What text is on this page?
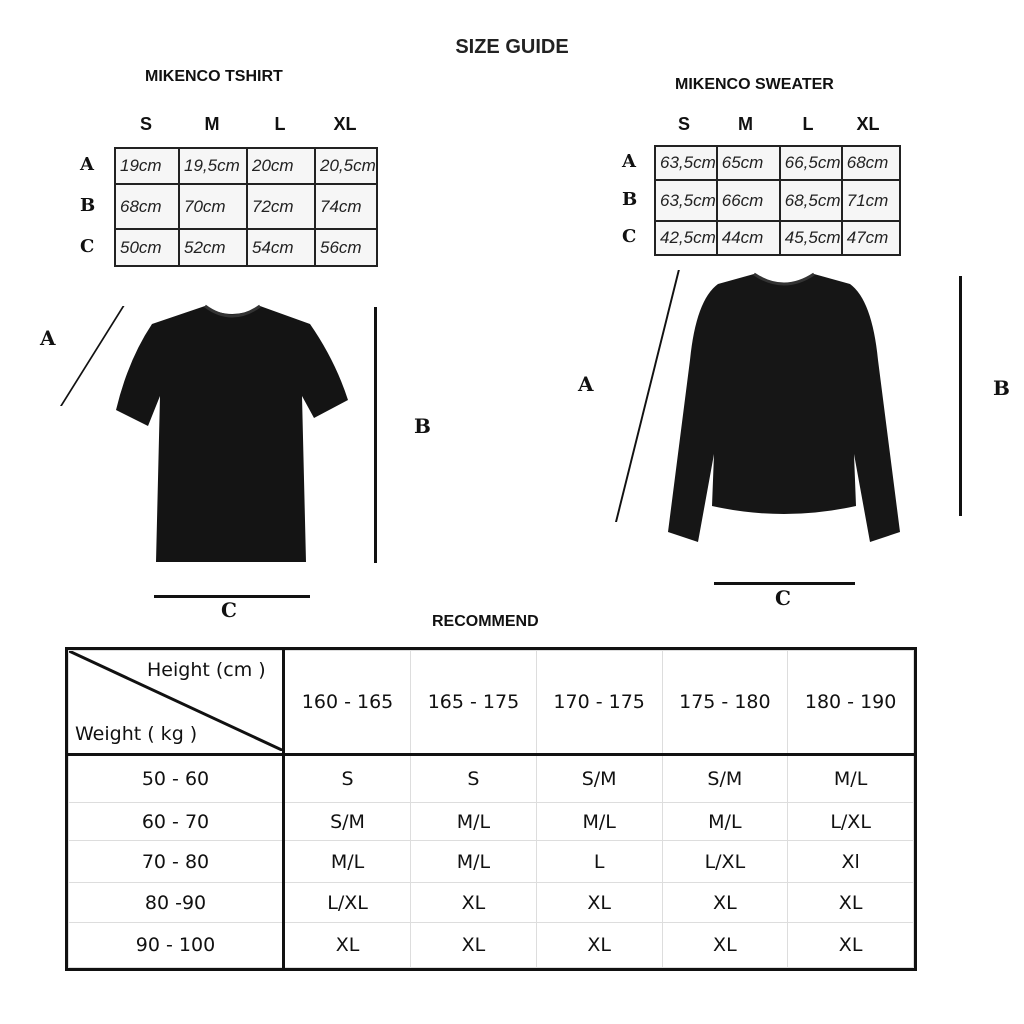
SIZE GUIDE
MIKENCO TSHIRT	MIKENCO SWEATER
S	M	L	XL
19cm	19,5cm	20cm	20,5cm
68cm	70cm	72cm	74cm
50cm	52cm	54cm	56cm
A
B
C
S	M	L	XL
63,5cm	65cm	66,5cm	68cm
63,5cm	66cm	68,5cm	71cm
42,5cm	44cm	45,5cm	47cm
A
B
C
A
B
C
A	B
C
RECOMMEND
Height (cm )
Weight ( kg )	160 - 165	165 - 175	170 - 175	175 - 180	180 - 190
50 - 60	S	S	S/M	S/M	M/L
60 - 70	S/M	M/L	M/L	M/L	L/XL
70 - 80	M/L	M/L	L	L/XL	Xl
80 -90	L/XL	XL	XL	XL	XL
90 - 100	XL	XL	XL	XL	XL
